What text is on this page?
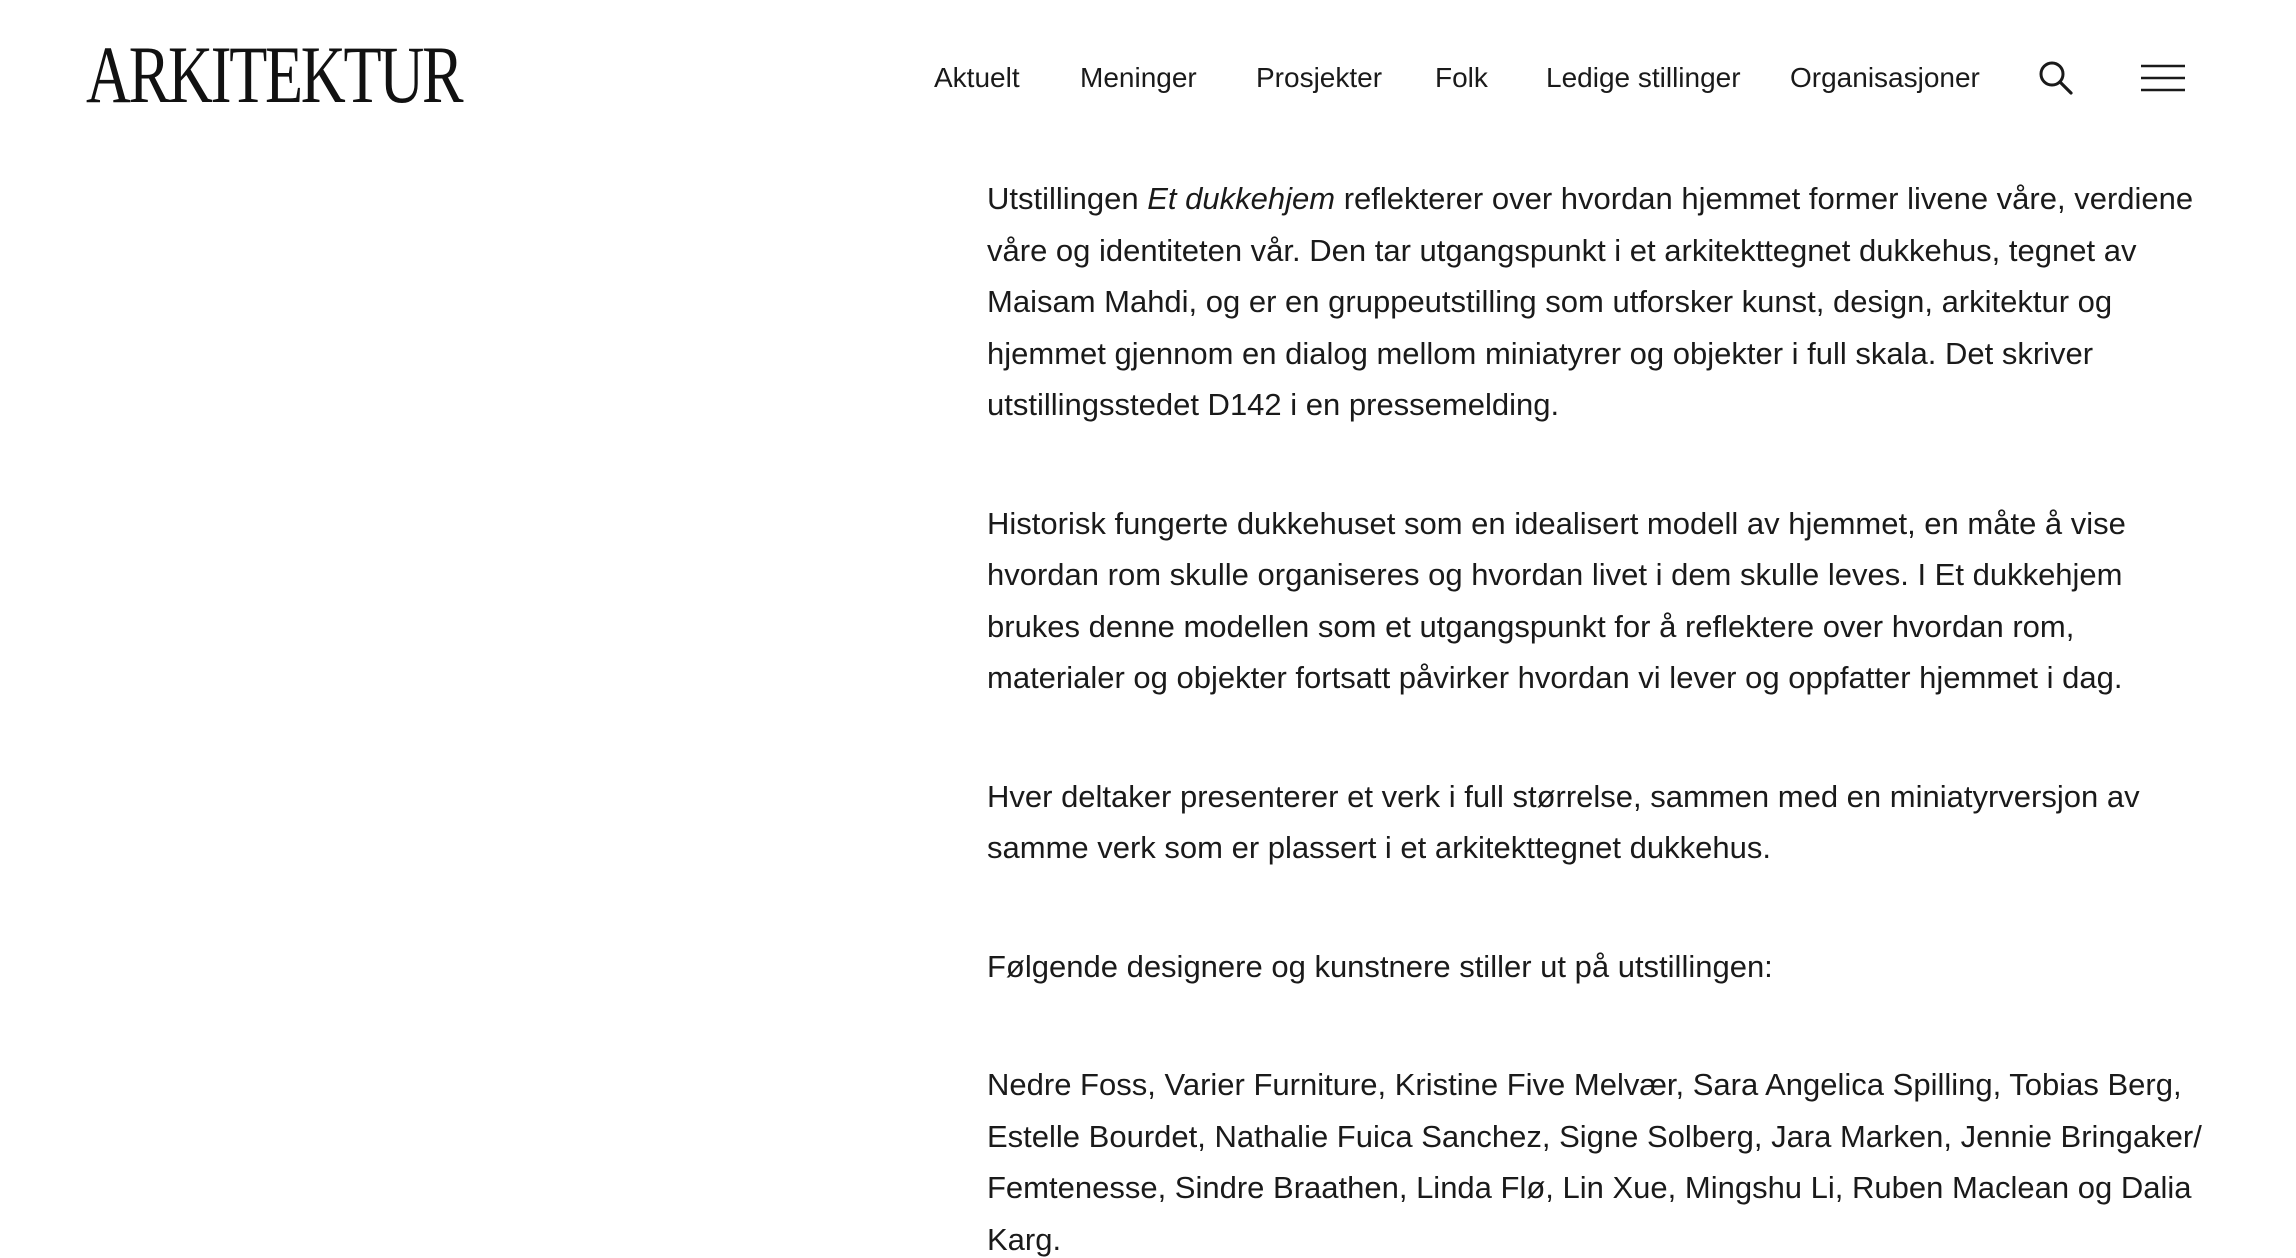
ARKITEKTUR	Aktuelt Meninger Prosjekter Folk Ledige stillinger Organisasjoner

Utstillingen Et dukkehjem reflekterer over hvordan hjemmet former livene våre, verdiene våre og identiteten vår. Den tar utgangspunkt i et arkitekttegnet dukkehus, tegnet av Maisam Mahdi, og er en gruppeutstilling som utforsker kunst, design, arkitektur og hjemmet gjennom en dialog mellom miniatyrer og objekter i full skala. Det skriver utstillingsstedet D142 i en pressemelding.

Historisk fungerte dukkehuset som en idealisert modell av hjemmet, en måte å vise hvordan rom skulle organiseres og hvordan livet i dem skulle leves. I Et dukkehjem brukes denne modellen som et utgangspunkt for å reflektere over hvordan rom, materialer og objekter fortsatt påvirker hvordan vi lever og oppfatter hjemmet i dag.

Hver deltaker presenterer et verk i full størrelse, sammen med en miniatyrversjon av samme verk som er plassert i et arkitekttegnet dukkehus.

Følgende designere og kunstnere stiller ut på utstillingen:

Nedre Foss, Varier Furniture, Kristine Five Melvær, Sara Angelica Spilling, Tobias Berg, Estelle Bourdet, Nathalie Fuica Sanchez, Signe Solberg, Jara Marken, Jennie Bringaker/ Femtenesse, Sindre Braathen, Linda Flø, Lin Xue, Mingshu Li, Ruben Maclean og Dalia Karg.
